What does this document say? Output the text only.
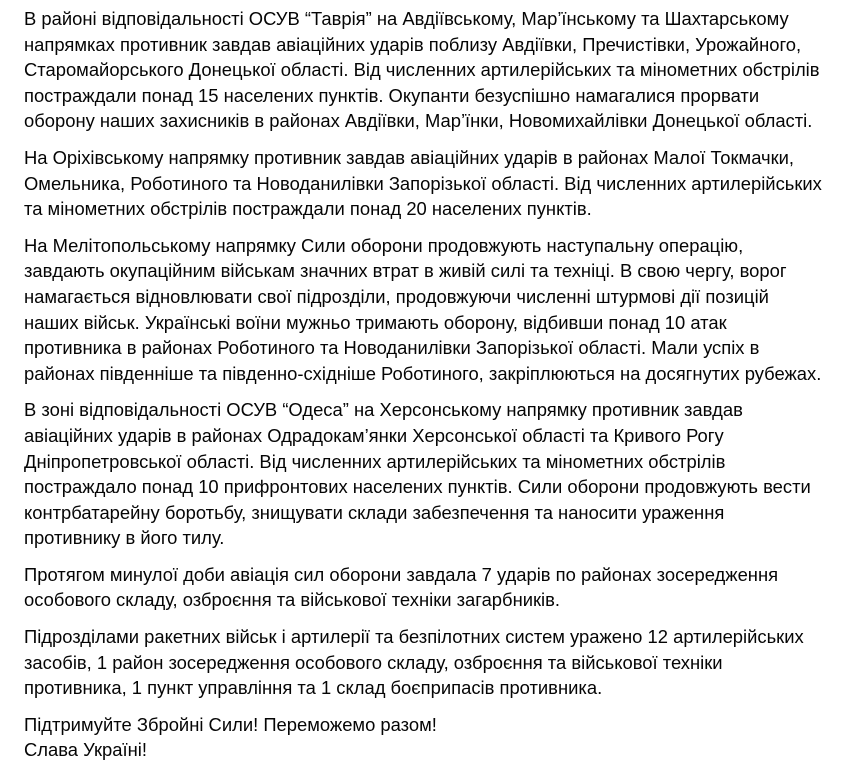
В районі відповідальності ОСУВ “Таврія” на Авдіївському, Мар’їнському та Шахтарському
напрямках противник завдав авіаційних ударів поблизу Авдіївки, Пречистівки, Урожайного,
Старомайорського Донецької області. Від численних артилерійських та мінометних обстрілів
постраждали понад 15 населених пунктів. Окупанти безуспішно намагалися прорвати
оборону наших захисників в районах Авдіївки, Мар’їнки, Новомихайлівки Донецької області.
На Оріхівському напрямку противник завдав авіаційних ударів в районах Малої Токмачки,
Омельника, Роботиного та Новоданилівки Запорізької області. Від численних артилерійських
та мінометних обстрілів постраждали понад 20 населених пунктів.
На Мелітопольському напрямку Сили оборони продовжують наступальну операцію,
завдають окупаційним військам значних втрат в живій силі та техніці. В свою чергу, ворог
намагається відновлювати свої підрозділи, продовжуючи численні штурмові дії позицій
наших військ. Українські воїни мужньо тримають оборону, відбивши понад 10 атак
противника в районах Роботиного та Новоданилівки Запорізької області. Мали успіх в
районах південніше та південно-східніше Роботиного, закріплюються на досягнутих рубежах.
В зоні відповідальності ОСУВ “Одеса” на Херсонському напрямку противник завдав
авіаційних ударів в районах Одрадокам’янки Херсонської області та Кривого Рогу
Дніпропетровської області. Від численних артилерійських та мінометних обстрілів
постраждало понад 10 прифронтових населених пунктів. Сили оборони продовжують вести
контрбатарейну боротьбу, знищувати склади забезпечення та наносити ураження
противнику в його тилу.
Протягом минулої доби авіація сил оборони завдала 7 ударів по районах зосередження
особового складу, озброєння та військової техніки загарбників.
Підрозділами ракетних військ і артилерії та безпілотних систем уражено 12 артилерійських
засобів, 1 район зосередження особового складу, озброєння та військової техніки
противника, 1 пункт управління та 1 склад боєприпасів противника.
Підтримуйте Збройні Сили! Переможемо разом!
Слава Україні!
